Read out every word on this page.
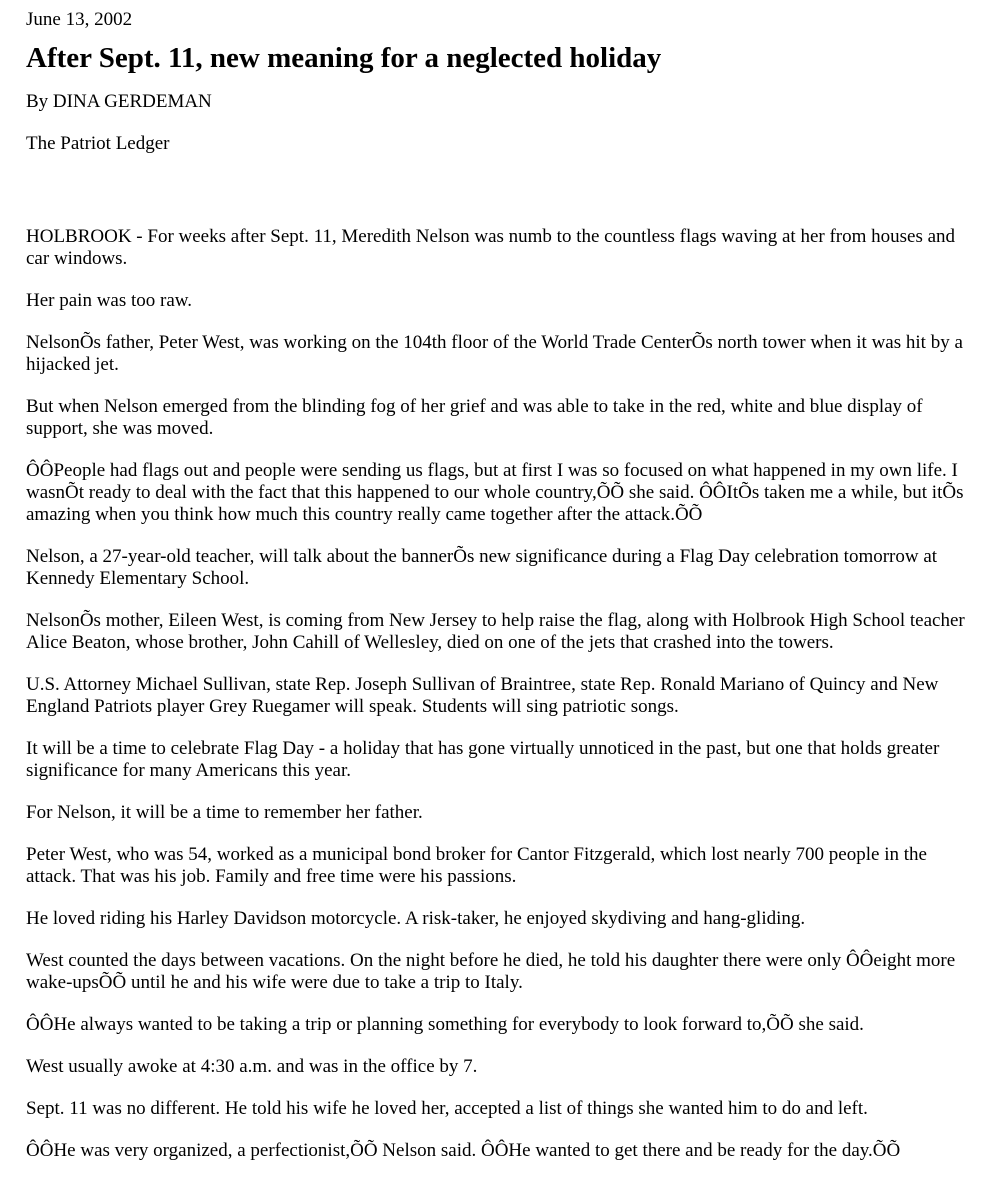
June 13, 2002
After Sept. 11, new meaning for a neglected holiday
By DINA GERDEMAN
The Patriot Ledger

HOLBROOK - For weeks after Sept. 11, Meredith Nelson was numb to the countless flags waving at her from houses and car windows.

Her pain was too raw.

NelsonÕs father, Peter West, was working on the 104th floor of the World Trade CenterÕs north tower when it was hit by a hijacked jet.

But when Nelson emerged from the blinding fog of her grief and was able to take in the red, white and blue display of support, she was moved.

ÔÔPeople had flags out and people were sending us flags, but at first I was so focused on what happened in my own life. I wasnÕt ready to deal with the fact that this happened to our whole country,ÕÕ she said. ÔÔItÕs taken me a while, but itÕs amazing when you think how much this country really came together after the attack.ÕÕ

Nelson, a 27-year-old teacher, will talk about the bannerÕs new significance during a Flag Day celebration tomorrow at Kennedy Elementary School.

NelsonÕs mother, Eileen West, is coming from New Jersey to help raise the flag, along with Holbrook High School teacher Alice Beaton, whose brother, John Cahill of Wellesley, died on one of the jets that crashed into the towers.

U.S. Attorney Michael Sullivan, state Rep. Joseph Sullivan of Braintree, state Rep. Ronald Mariano of Quincy and New England Patriots player Grey Ruegamer will speak. Students will sing patriotic songs.

It will be a time to celebrate Flag Day - a holiday that has gone virtually unnoticed in the past, but one that holds greater significance for many Americans this year.

For Nelson, it will be a time to remember her father.

Peter West, who was 54, worked as a municipal bond broker for Cantor Fitzgerald, which lost nearly 700 people in the attack. That was his job. Family and free time were his passions.

He loved riding his Harley Davidson motorcycle. A risk-taker, he enjoyed skydiving and hang-gliding.

West counted the days between vacations. On the night before he died, he told his daughter there were only ÔÔeight more wake-upsÕÕ until he and his wife were due to take a trip to Italy.

ÔÔHe always wanted to be taking a trip or planning something for everybody to look forward to,ÕÕ she said.

West usually awoke at 4:30 a.m. and was in the office by 7.

Sept. 11 was no different. He told his wife he loved her, accepted a list of things she wanted him to do and left.

ÔÔHe was very organized, a perfectionist,ÕÕ Nelson said. ÔÔHe wanted to get there and be ready for the day.ÕÕ
